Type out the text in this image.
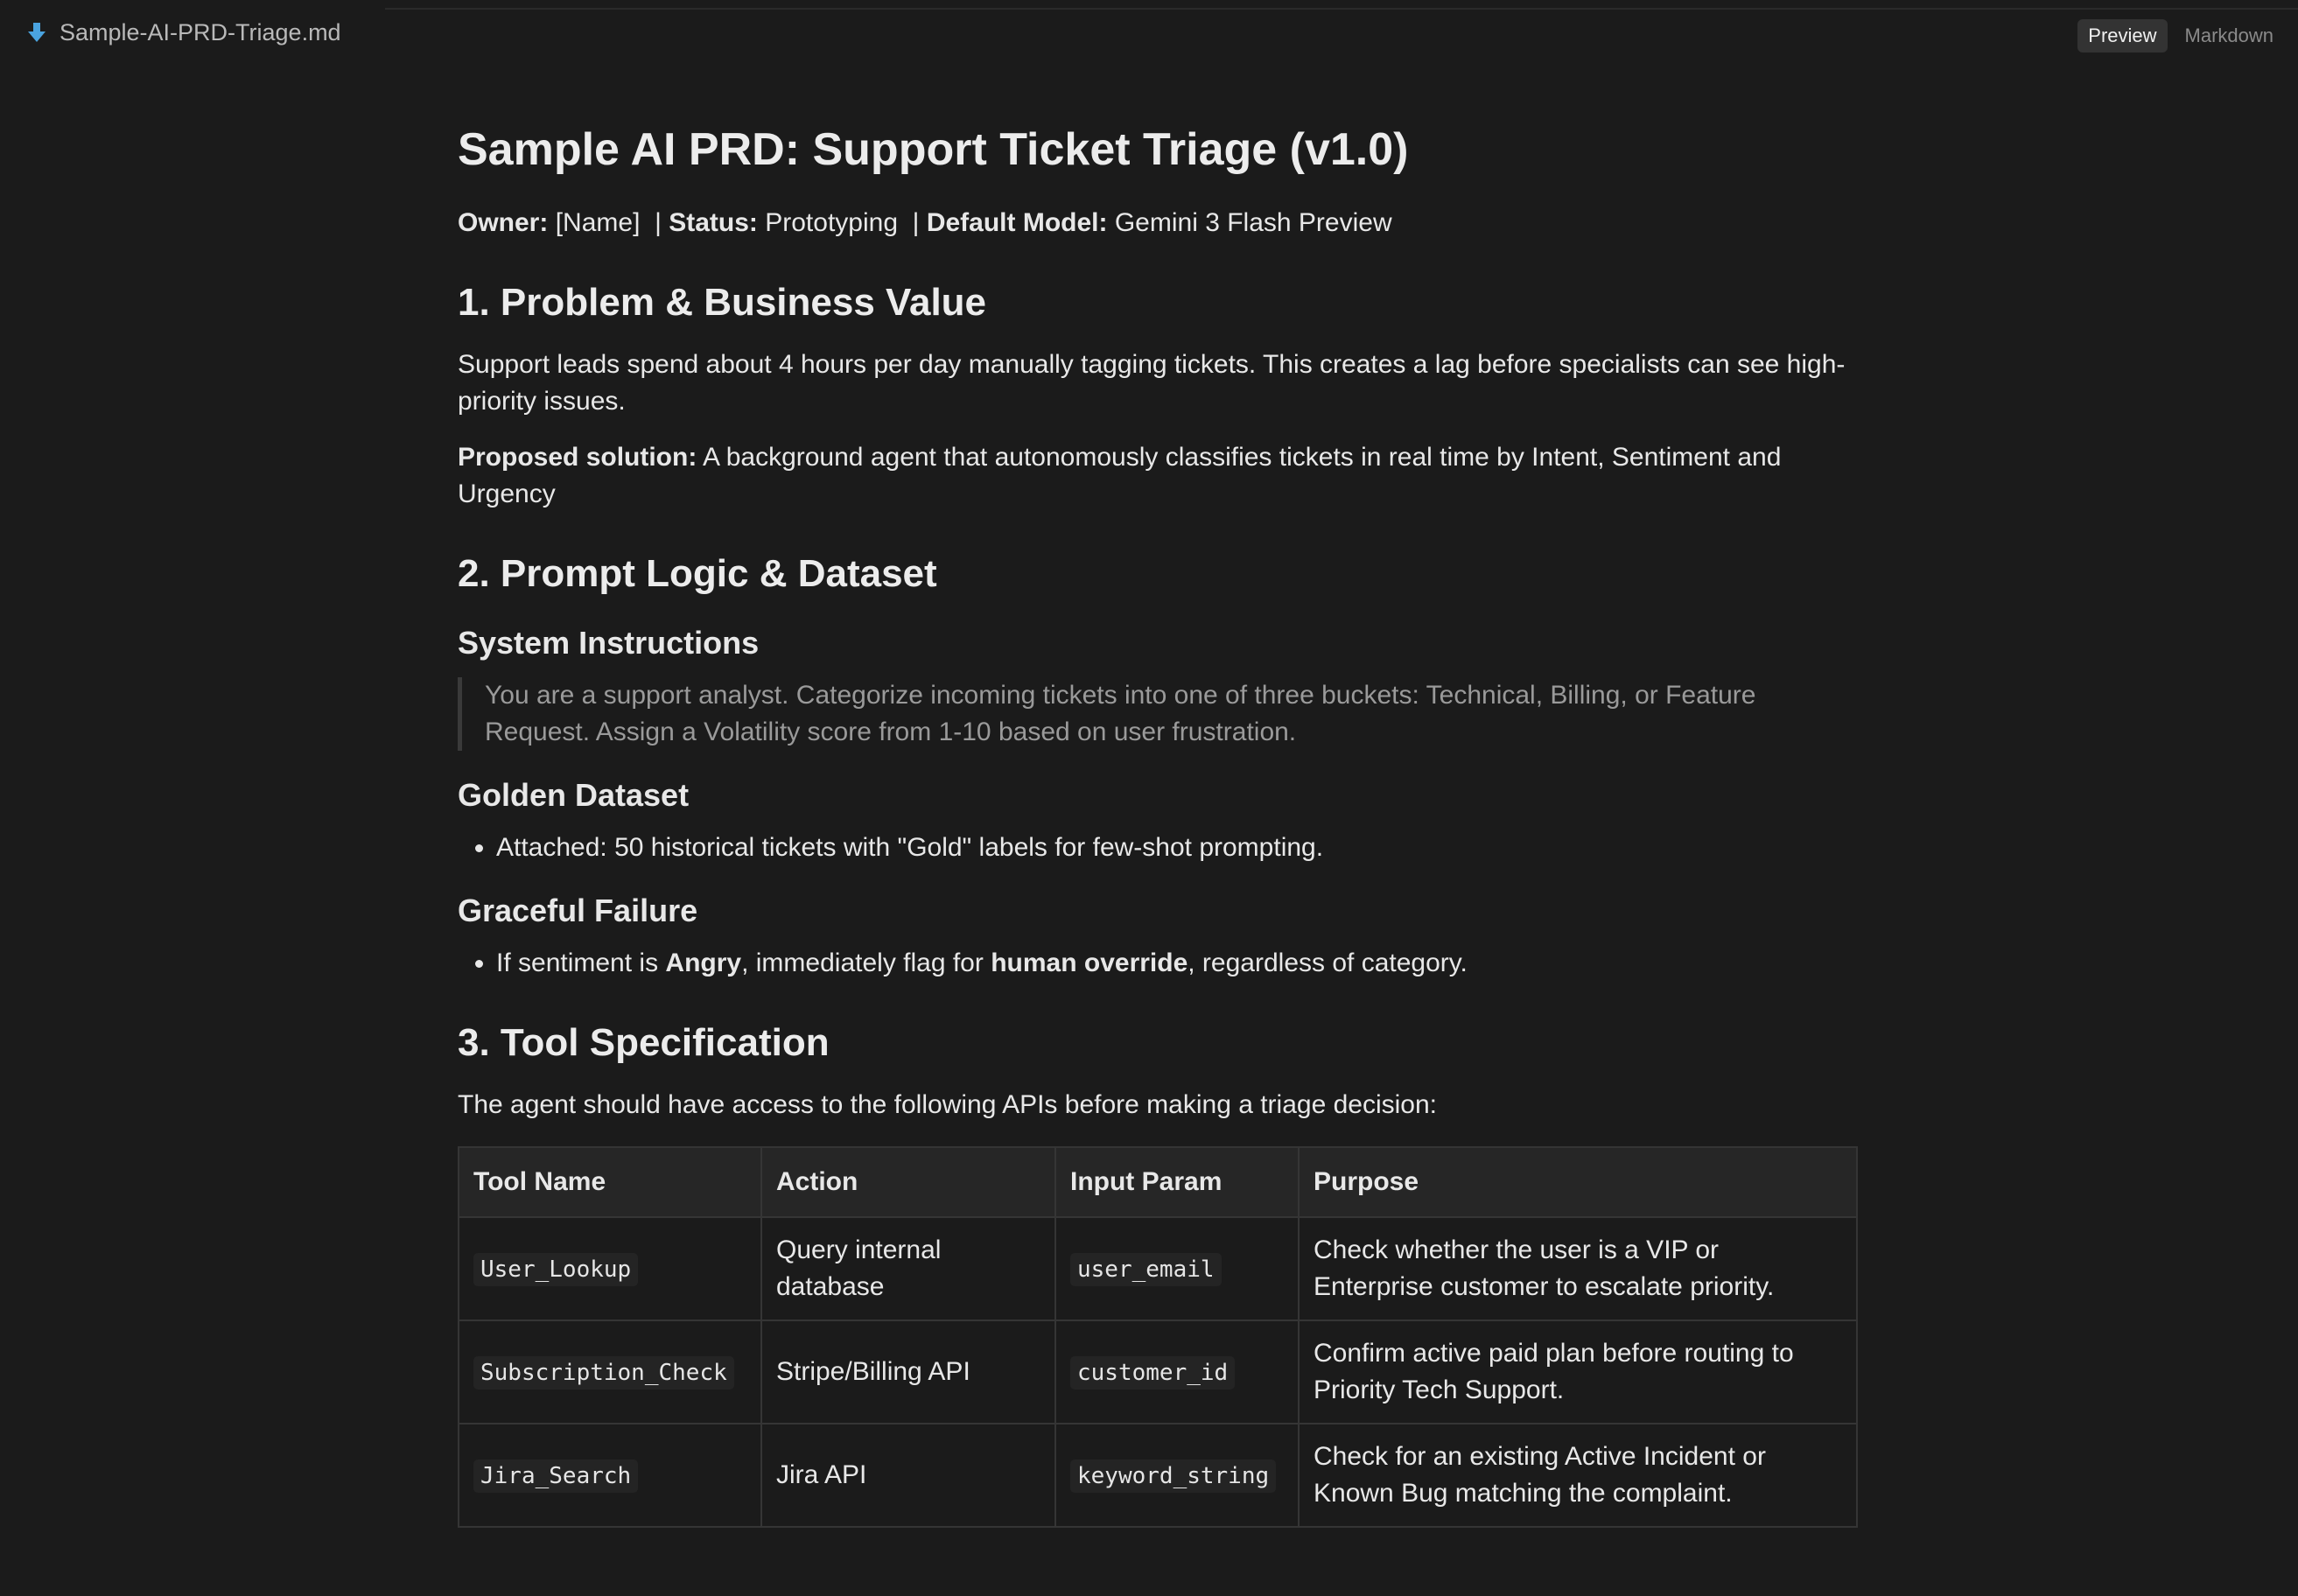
Sample-AI-PRD-Triage.md	Preview	Markdown
Sample AI PRD: Support Ticket Triage (v1.0)

Owner: [Name]  | Status: Prototyping  | Default Model: Gemini 3 Flash Preview

1. Problem & Business Value

Support leads spend about 4 hours per day manually tagging tickets. This creates a lag before specialists can see high-priority issues.

Proposed solution: A background agent that autonomously classifies tickets in real time by Intent, Sentiment and Urgency

2. Prompt Logic & Dataset
System Instructions
You are a support analyst. Categorize incoming tickets into one of three buckets: Technical, Billing, or Feature Request. Assign a Volatility score from 1-10 based on user frustration.
Golden Dataset
• Attached: 50 historical tickets with "Gold" labels for few-shot prompting.
Graceful Failure
• If sentiment is Angry, immediately flag for human override, regardless of category.
3. Tool Specification

The agent should have access to the following APIs before making a triage decision:

Tool Name	Action	Input Param	Purpose
User_Lookup	Query internal database	user_email	Check whether the user is a VIP or Enterprise customer to escalate priority.
Subscription_Check	Stripe/Billing API	customer_id	Confirm active paid plan before routing to Priority Tech Support.
Jira_Search	Jira API	keyword_string	Check for an existing Active Incident or Known Bug matching the complaint.
